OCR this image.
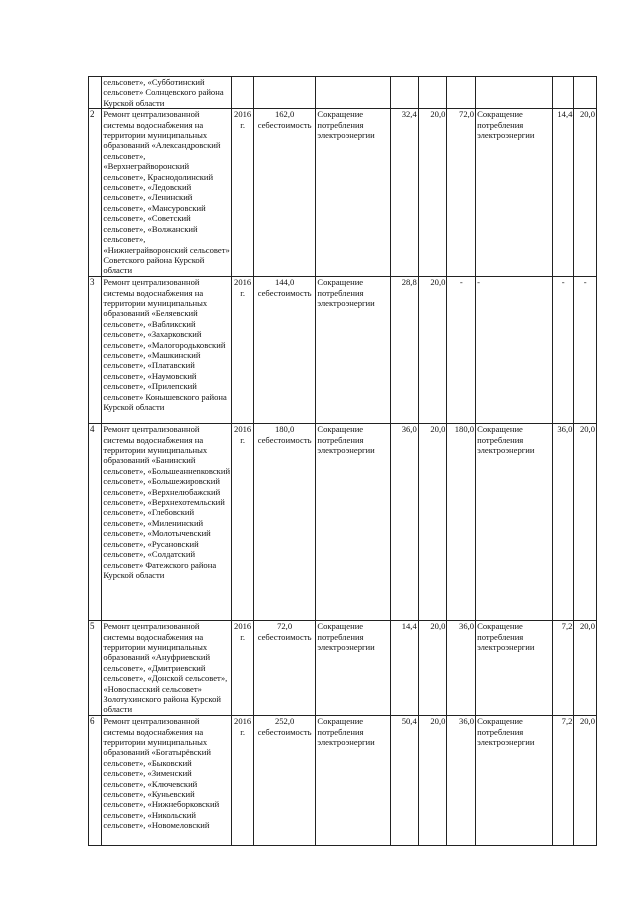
	сельсовет», «Субботинский сельсовет» Солнцевского района Курской области									
2	Ремонт централизованной системы водоснабжения на территории муниципальных образований «Александровский сельсовет», «Верхнеграйворонский сельсовет», Краснодолинский сельсовет», «Ледовский сельсовет», «Ленинский сельсовет», «Мансуровский сельсовет», «Советский сельсовет», «Волжанский сельсовет», «Нижнеграйворонский сельсовет» Советского района Курской области	2016 г.	162,0 себестоимость	Сокращение потребления электроэнергии	32,4	20,0	72,0	Сокращение потребления электроэнергии	14,4	20,0
3	Ремонт централизованной системы водоснабжения на территории муниципальных образований «Беляевский сельсовет», «Вабликский сельсовет», «Захарковский сельсовет», «Малогородьковский сельсовет», «Машкинский сельсовет», «Платавский сельсовет», «Наумовский сельсовет», «Прилепский сельсовет» Конышевского района Курской области	2016 г.	144,0 себестоимость	Сокращение потребления электроэнергии	28,8	20,0	-	-	-	-
4	Ремонт централизованной системы водоснабжения на территории муниципальных образований «Банинский сельсовет», «Большеаннenковский сельсовет», «Большежировский сельсовет», «Верхнелюбажский сельсовет», «Верхнехотемльский сельсовет», «Глебовский сельсовет», «Миленинский сельсовет», «Молотычевский сельсовет», «Русановский сельсовет», «Солдатский сельсовет» Фатежского района Курской области	2016 г.	180,0 себестоимость	Сокращение потребления электроэнергии	36,0	20,0	180,0	Сокращение потребления электроэнергии	36,0	20,0
5	Ремонт централизованной системы водоснабжения на территории муниципальных образований «Ануфриевский сельсовет», «Дмитриевский сельсовет», «Донской сельсовет», «Новоспасский сельсовет» Золотухинского района Курской области	2016 г.	72,0 себестоимость	Сокращение потребления электроэнергии	14,4	20,0	36,0	Сокращение потребления электроэнергии	7,2	20,0
6	Ремонт централизованной системы водоснабжения на территории муниципальных образований «Богатырёвский сельсовет», «Быковский сельсовет», «Зименский сельсовет», «Ключевский сельсовет», «Куньевский сельсовет», «Нижнеборковский сельсовет», «Никольский сельсовет», «Новомеловский	2016 г.	252,0 себестоимость	Сокращение потребления электроэнергии	50,4	20,0	36,0	Сокращение потребления электроэнергии	7,2	20,0
